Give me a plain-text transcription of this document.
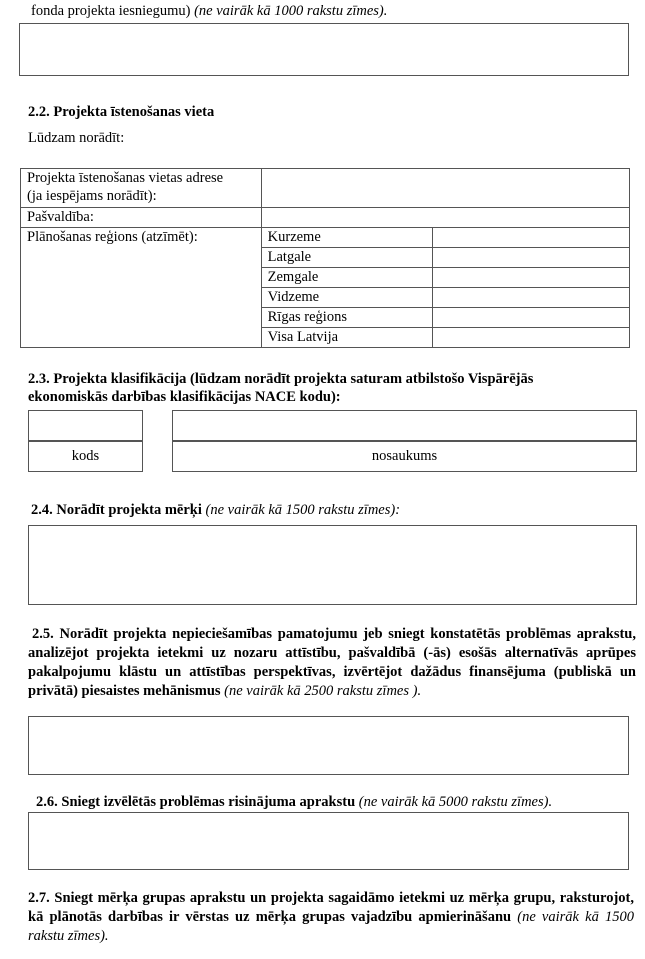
fonda projekta iesniegumu) (ne vairāk kā 1000 rakstu zīmes).
2.2. Projekta īstenošanas vieta
Lūdzam norādīt:
Projekta īstenošanas vietas adrese
(ja iespējams norādīt):		

Pašvaldība:		
Plānošanas reģions (atzīmēt):	Kurzeme	
	Latgale	
	Zemgale	
	Vidzeme	
	Rīgas reģions	
	Visa Latvija	
2.3. Projekta klasifikācija (lūdzam norādīt projekta saturam atbilstošo Vispārējās
ekonomiskās darbības klasifikācijas NACE kodu):
kods	nosaukums
2.4. Norādīt projekta mērķi (ne vairāk kā 1500 rakstu zīmes):
2.5. Norādīt projekta nepieciešamības pamatojumu jeb sniegt konstatētās problēmas aprakstu, analizējot projekta ietekmi uz nozaru attīstību, pašvaldībā (-ās) esošās alternatīvās aprūpes pakalpojumu klāstu un attīstības perspektīvas, izvērtējot dažādus finansējuma (publiskā un privātā) piesaistes mehānismus (ne vairāk kā 2500 rakstu zīmes ).
2.6. Sniegt izvēlētās problēmas risinājuma aprakstu (ne vairāk kā 5000 rakstu zīmes).
2.7. Sniegt mērķa grupas aprakstu un projekta sagaidāmo ietekmi uz mērķa grupu, raksturojot, kā plānotās darbības ir vērstas uz mērķa grupas vajadzību apmierināšanu (ne vairāk kā 1500 rakstu zīmes).
